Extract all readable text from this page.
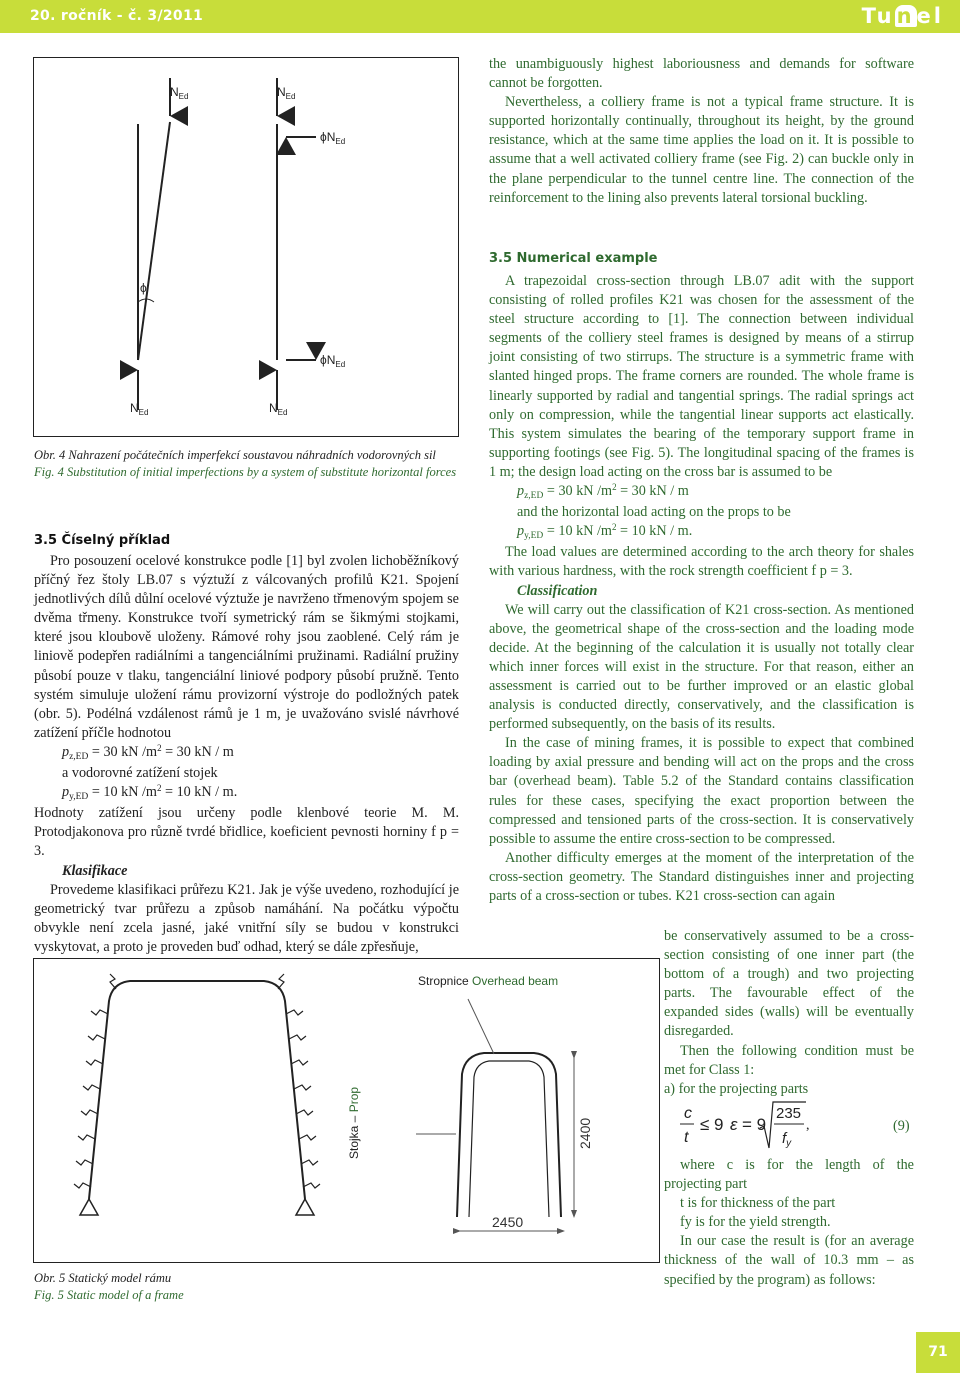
20. ročník - č. 3/2011	Tunel

the unambiguously highest laboriousness and demands for software cannot be forgotten.

Nevertheless, a colliery frame is not a typical frame structure. It is supported horizontally continually, throughout its height, by the ground resistance, which at the same time applies the load on it. It is possible to assume that a well activated colliery frame (see Fig. 2) can buckle only in the plane perpendicular to the tunnel centre line. The connection of the reinforcement to the lining also prevents lateral torsional buckling.

3.5 Numerical example

A trapezoidal cross-section through LB.07 adit with the support consisting of rolled profiles K21 was chosen for the assessment of the steel structure according to [1]. The connection between individual segments of the colliery steel frames is designed by means of a stirrup joint consisting of two stirrups. The structure is a symmetric frame with slanted hinged props. The frame corners are rounded. The whole frame is linearly supported by radial and tangential springs. The radial springs act only on compression, while the tangential linear supports act elastically. This system simulates the bearing of the temporary support frame in supporting footings (see Fig. 5). The longitudinal spacing of the frames is 1 m; the design load acting on the cross bar is assumed to be

$p_{z,ED} = 30$ kN $/m^2 = 30$ kN / m

and the horizontal load acting on the props to be

$p_{y,ED} = 10$ kN $/m^2 = 10$ kN / m.

The load values are determined according to the arch theory for shales with various hardness, with the rock strength coefficient f p = 3.

Classification

We will carry out the classification of K21 cross-section. As mentioned above, the geometrical shape of the cross-section and the loading mode decide. At the beginning of the calculation it is usually not totally clear which inner forces will exist in the structure. For that reason, either an assessment is carried out to be further improved or an elastic global analysis is conducted directly, conservatively, and the classification is performed subsequently, on the basis of its results.

In the case of mining frames, it is possible to expect that combined loading by axial pressure and bending will act on the props and the cross bar (overhead beam). Table 5.2 of the Standard contains classification rules for these cases, specifying the exact proportion between the compressed and tensioned parts of the cross-section. It is conservatively possible to assume the entire cross-section to be compressed.

Another difficulty emerges at the moment of the interpretation of the cross-section geometry. The Standard distinguishes inner and projecting parts of a cross-section or tubes. K21 cross-section can again

be conservatively assumed to be a cross-section consisting of one inner part (the bottom of a trough) and two projecting parts. The favourable effect of the expanded sides (walls) will be eventually disregarded.

Then the following condition must be met for Class 1:

a) for the projecting parts

c
t
≤ 9 ε = 9
235
$f_y$
,	(9)

where c is for the length of the projecting part

t is for thickness of the part

fy is for the yield strength.

In our case the result is (for an average thickness of the wall of 10.3 mm – as specified by the program) as follows:

ϕ
$N_{Ed}$
$N_{Ed}$
$N_{Ed}$
$N_{Ed}$
$\phi N_{Ed}$
$\phi N_{Ed}$
Obr. 4 Nahrazení počátečních imperfekcí soustavou náhradních vodorovných sil
Fig. 4 Substitution of initial imperfections by a system of substitute horizontal forces
3.5 Číselný příklad

Pro posouzení ocelové konstrukce podle [1] byl zvolen lichoběžníkový příčný řez štoly LB.07 s výztuží z válcovaných profilů K21. Spojení jednotlivých dílů důlní ocelové výztuže je navrženo třmenovým spojem se dvěma třmeny. Konstrukce tvoří symetrický rám se šikmými stojkami, které jsou kloubově uloženy. Rámové rohy jsou zaoblené. Celý rám je liniově podepřen radiálními a tangenciálními pružinami. Radiální pružiny působí pouze v tlaku, tangenciální liniové podpory působí pružně. Tento systém simuluje uložení rámu provizorní výstroje do podložných patek (obr. 5). Podélná vzdálenost rámů je 1 m, je uvažováno svislé návrhové zatížení příčle hodnotou

$p_{z,ED} = 30$ kN $/m^2 = 30$ kN / m

a vodorovné zatížení stojek

$p_{y,ED} = 10$ kN $/m^2 = 10$ kN / m.

Hodnoty zatížení jsou určeny podle klenbové teorie M. M. Protodjakonova pro různě tvrdé břidlice, koeficient pevnosti horniny f p = 3.

Klasifikace

Provedeme klasifikaci průřezu K21. Jak je výše uvedeno, rozhodující je geometrický tvar průřezu a způsob namáhání. Na počátku výpočtu obvykle není zcela jasné, jaké vnitřní síly se budou v konstrukci vyskytovat, a proto je proveden buď odhad, který se dále zpřesňuje,

2400
2450
Stropnice Overhead beam
Stojka – Prop
Obr. 5 Statický model rámu
Fig. 5 Static model of a frame
71
